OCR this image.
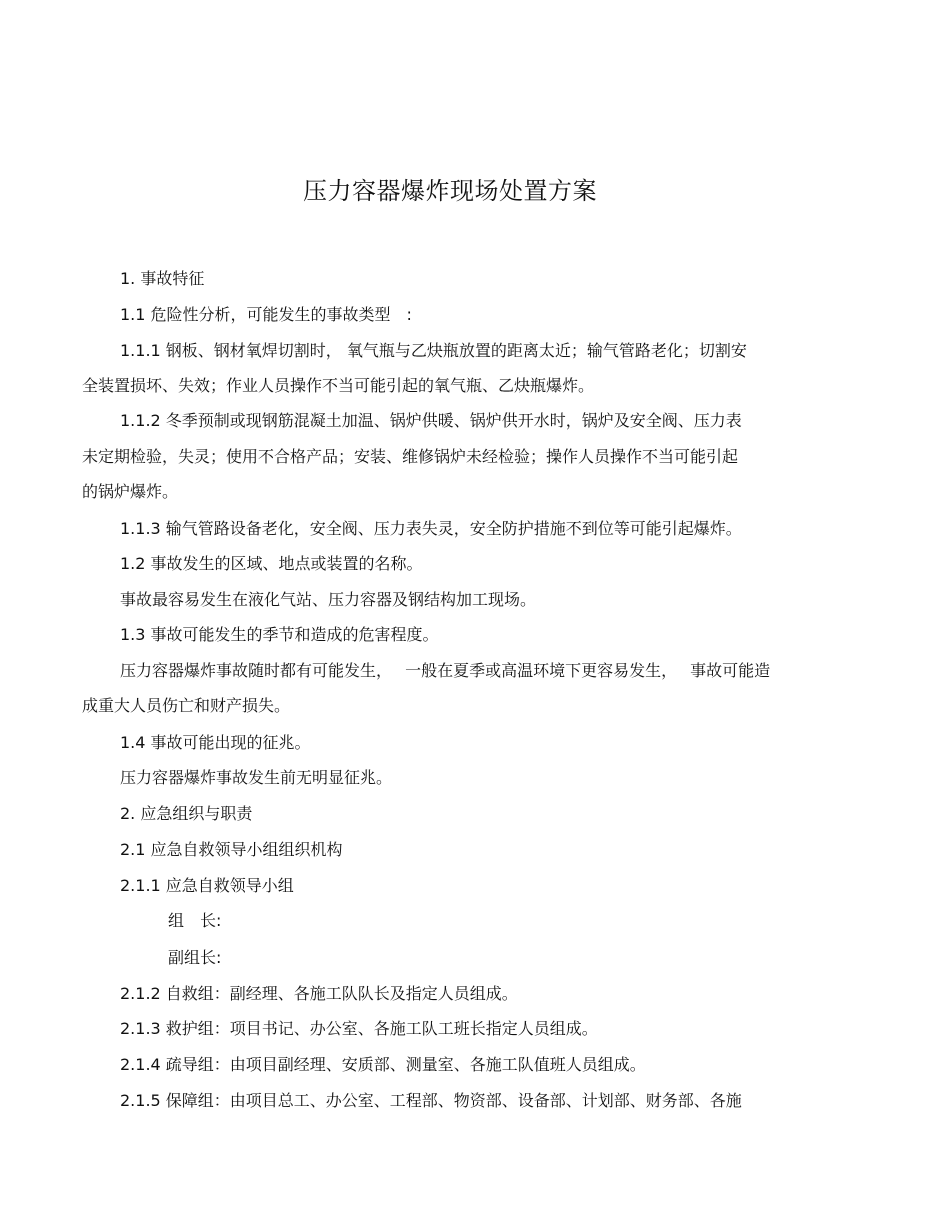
压力容器爆炸现场处置方案
1. 事故特征
1.1 危险性分析，可能发生的事故类型　:
1.1.1 钢板、钢材氧焊切割时， 氧气瓶与乙炔瓶放置的距离太近；输气管路老化；切割安
全装置损坏、失效；作业人员操作不当可能引起的氧气瓶、乙炔瓶爆炸。
1.1.2 冬季预制或现钢筋混凝土加温、锅炉供暖、锅炉供开水时，锅炉及安全阀、压力表
未定期检验，失灵；使用不合格产品；安装、维修锅炉未经检验；操作人员操作不当可能引起
的锅炉爆炸。
1.1.3 输气管路设备老化，安全阀、压力表失灵，安全防护措施不到位等可能引起爆炸。
1.2 事故发生的区域、地点或装置的名称。
事故最容易发生在液化气站、压力容器及钢结构加工现场。
1.3 事故可能发生的季节和造成的危害程度。
压力容器爆炸事故随时都有可能发生，　 一般在夏季或高温环境下更容易发生，　 事故可能造
成重大人员伤亡和财产损失。
1.4 事故可能出现的征兆。
压力容器爆炸事故发生前无明显征兆。
2. 应急组织与职责
2.1 应急自救领导小组组织机构
2.1.1 应急自救领导小组
组　长:
副组长:
2.1.2 自救组：副经理、各施工队队长及指定人员组成。
2.1.3 救护组：项目书记、办公室、各施工队工班长指定人员组成。
2.1.4 疏导组：由项目副经理、安质部、测量室、各施工队值班人员组成。
2.1.5 保障组：由项目总工、办公室、工程部、物资部、设备部、计划部、财务部、各施
